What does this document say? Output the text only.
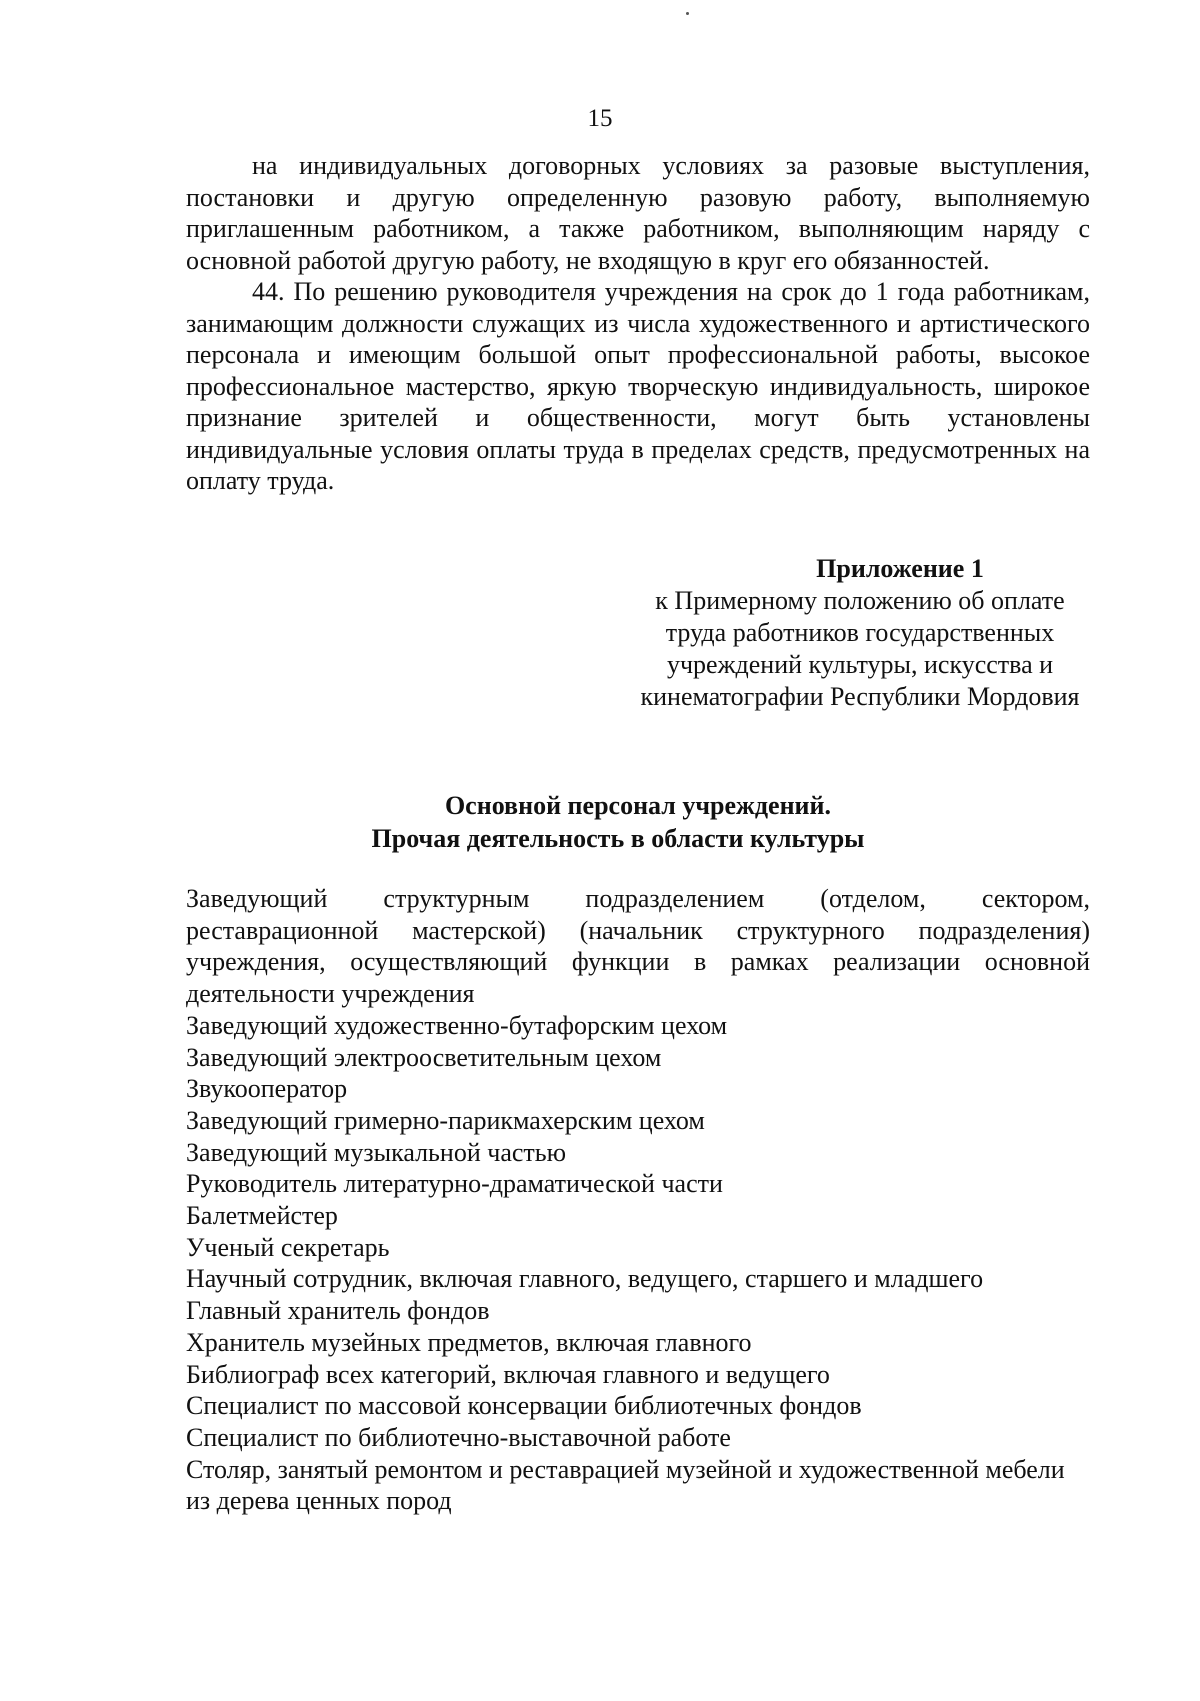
15

на индивидуальных договорных условиях за разовые выступления, постановки и другую определенную разовую работу, выполняемую приглашенным работником, а также работником, выполняющим наряду с основной работой другую работу, не входящую в круг его обязанностей.

44. По решению руководителя учреждения на срок до 1 года работникам, занимающим должности служащих из числа художественного и артистического персонала и имеющим большой опыт профессиональной работы, высокое профессиональное мастерство, яркую творческую индивидуальность, широкое признание зрителей и общественности, могут быть установлены индивидуальные условия оплаты труда в пределах средств, предусмотренных на оплату труда.

Приложение 1

к Примерному положению об оплате

труда работников государственных

учреждений культуры, искусства и

кинематографии Республики Мордовия

Основной персонал учреждений.

Прочая деятельность в области культуры

Заведующий структурным подразделением (отделом, сектором, реставрационной мастерской) (начальник структурного подразделения) учреждения, осуществляющий функции в рамках реализации основной деятельности учреждения
Заведующий художественно-бутафорским цехом
Заведующий электроосветительным цехом
Звукооператор
Заведующий гримерно-парикмахерским цехом
Заведующий музыкальной частью
Руководитель литературно-драматической части
Балетмейстер
Ученый секретарь
Научный сотрудник, включая главного, ведущего, старшего и младшего
Главный хранитель фондов
Хранитель музейных предметов, включая главного
Библиограф всех категорий, включая главного и ведущего
Специалист по массовой консервации библиотечных фондов
Специалист по библиотечно-выставочной работе
Столяр, занятый ремонтом и реставрацией музейной и художественной мебели из дерева ценных пород
